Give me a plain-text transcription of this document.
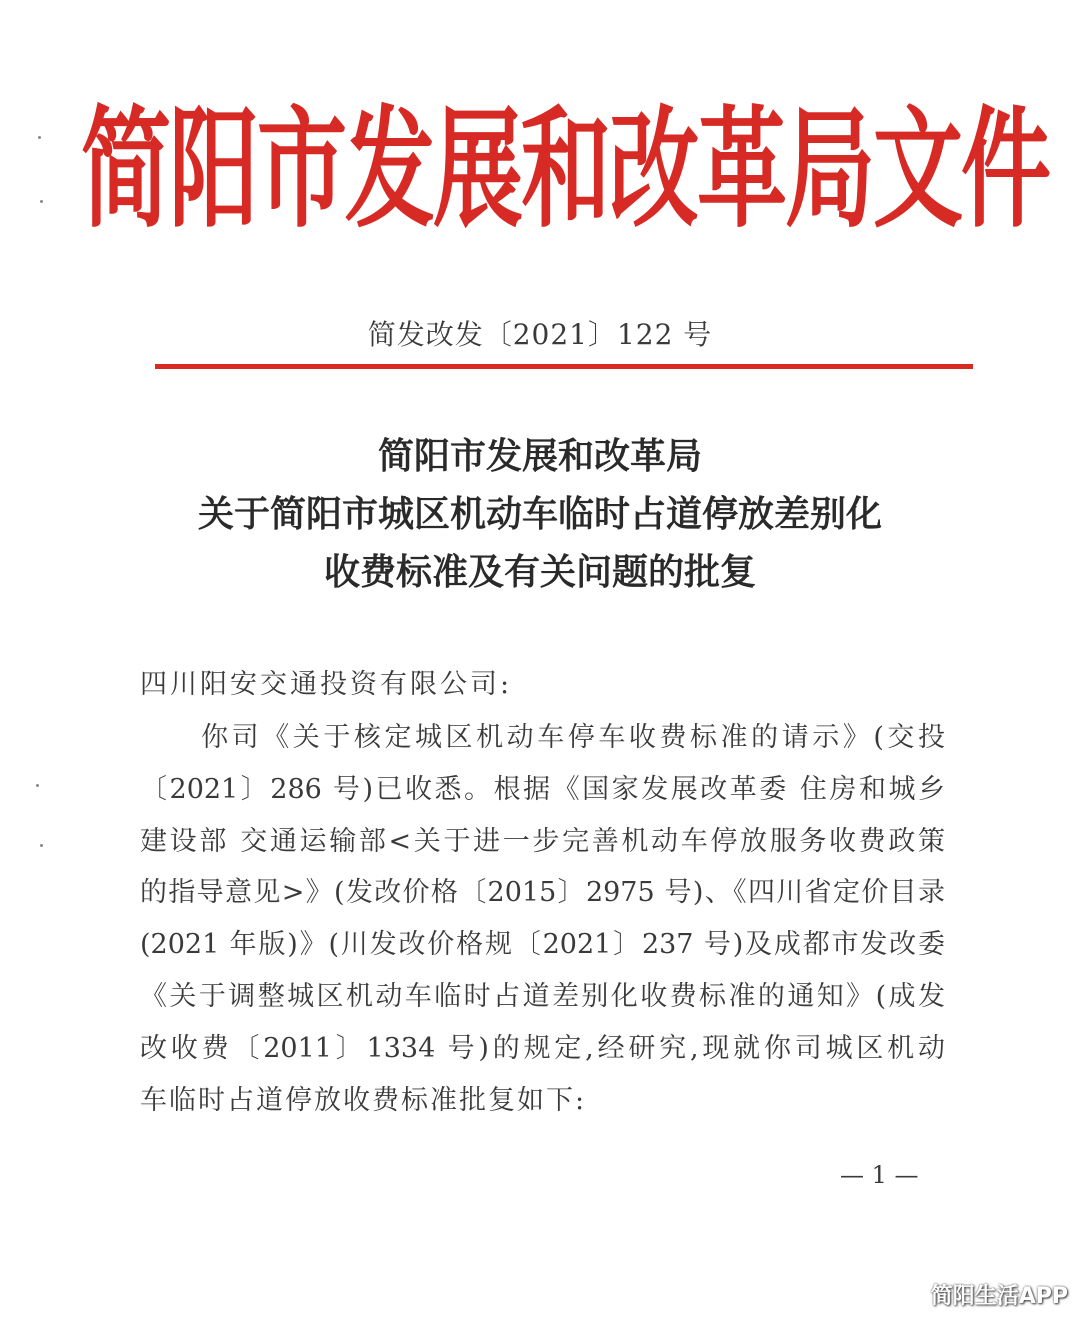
简阳市发展和改革局文件
简发改发〔2021〕122 号
简阳市发展和改革局
关于简阳市城区机动车临时占道停放差别化
收费标准及有关问题的批复
四川阳安交通投资有限公司:
　　你司《关于核定城区机动车停车收费标准的请示》(交投
〔2021〕286 号)已收悉。根据《国家发展改革委 住房和城乡
建设部 交通运输部<关于进一步完善机动车停放服务收费政策
的指导意见>》(发改价格〔2015〕2975 号)、《四川省定价目录
(2021 年版)》(川发改价格规〔2021〕237 号)及成都市发改委
《关于调整城区机动车临时占道差别化收费标准的通知》(成发
改收费〔2011〕1334 号)的规定,经研究,现就你司城区机动
车临时占道停放收费标准批复如下:
— 1 —
简阳生活APP
